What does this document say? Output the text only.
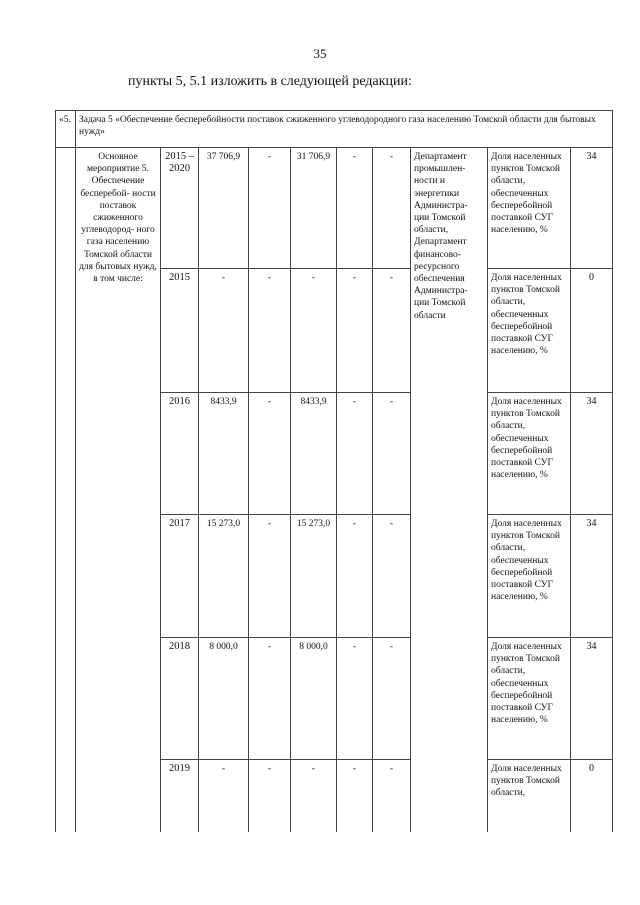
35
пункты 5, 5.1 изложить в следующей редакции:
«5.	Задача 5 «Обеспечение бесперебойности поставок сжиженного углеводородного газа населению Томской области для бытовых нужд»									
	Основное мероприятие 5. Обеспечение бесперебой- ности поставок сжиженного углеводород- ного газа населению Томской области для бытовых нужд, в том числе:	2015 – 2020	37 706,9	-	31 706,9	-	-	Департамент промышлен- ности и энергетики Администра- ции Томской области, Департамент финансово- ресурсного обеспечения Администра- ции Томской области	Доля населенных пунктов Томской области, обеспеченных бесперебойной поставкой СУГ населению, %	34
		2015	-	-	-	-	-		Доля населенных пунктов Томской области, обеспеченных бесперебойной поставкой СУГ населению, %	0
		2016	8433,9	-	8433,9	-	-		Доля населенных пунктов Томской области, обеспеченных бесперебойной поставкой СУГ населению, %	34
		2017	15 273,0	-	15 273,0	-	-		Доля населенных пунктов Томской области, обеспеченных бесперебойной поставкой СУГ населению, %	34
		2018	8 000,0	-	8 000,0	-	-		Доля населенных пунктов Томской области, обеспеченных бесперебойной поставкой СУГ населению, %	34
		2019	-	-	-	-	-		Доля населенных пунктов Томской области,	0
